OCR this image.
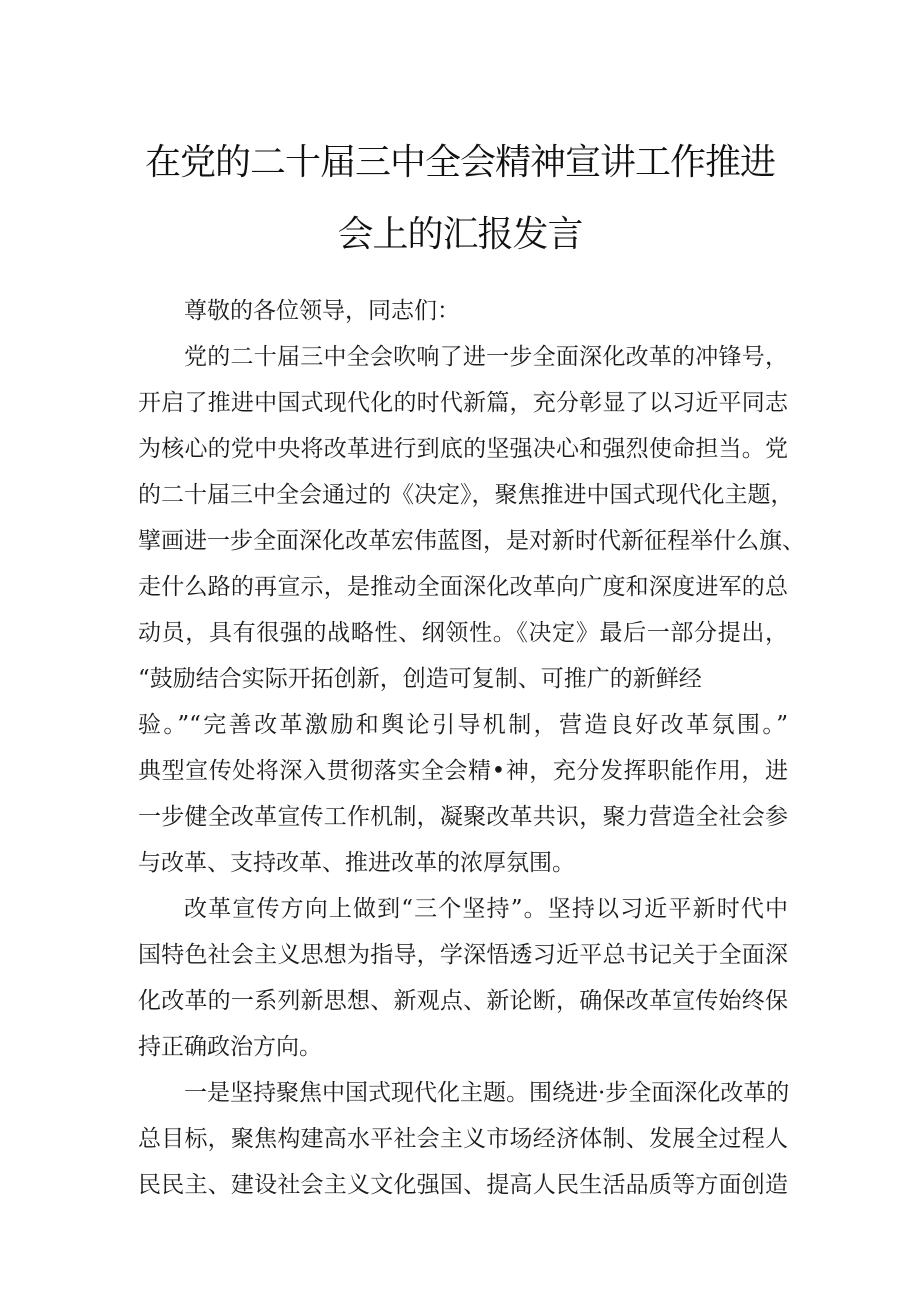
在党的二十届三中全会精神宣讲工作推进
会上的汇报发言
尊敬的各位领导，同志们：
党的二十届三中全会吹响了进一步全面深化改革的冲锋号，
开启了推进中国式现代化的时代新篇，充分彰显了以习近平同志
为核心的党中央将改革进行到底的坚强决心和强烈使命担当。党
的二十届三中全会通过的《决定》，聚焦推进中国式现代化主题，
擘画进一步全面深化改革宏伟蓝图，是对新时代新征程举什么旗、
走什么路的再宣示，是推动全面深化改革向广度和深度进军的总
动员，具有很强的战略性、纲领性。《决定》最后一部分提出，
“鼓励结合实际开拓创新，创造可复制、可推广的新鲜经
验。”“完善改革激励和舆论引导机制，营造良好改革氛围。”
典型宣传处将深入贯彻落实全会精•神，充分发挥职能作用，进
一步健全改革宣传工作机制，凝聚改革共识，聚力营造全社会参
与改革、支持改革、推进改革的浓厚氛围。
改革宣传方向上做到“三个坚持”。坚持以习近平新时代中
国特色社会主义思想为指导，学深悟透习近平总书记关于全面深
化改革的一系列新思想、新观点、新论断，确保改革宣传始终保
持正确政治方向。
一是坚持聚焦中国式现代化主题。围绕进·步全面深化改革的
总目标，聚焦构建高水平社会主义市场经济体制、发展全过程人
民民主、建设社会主义文化强国、提高人民生活品质等方面创造
